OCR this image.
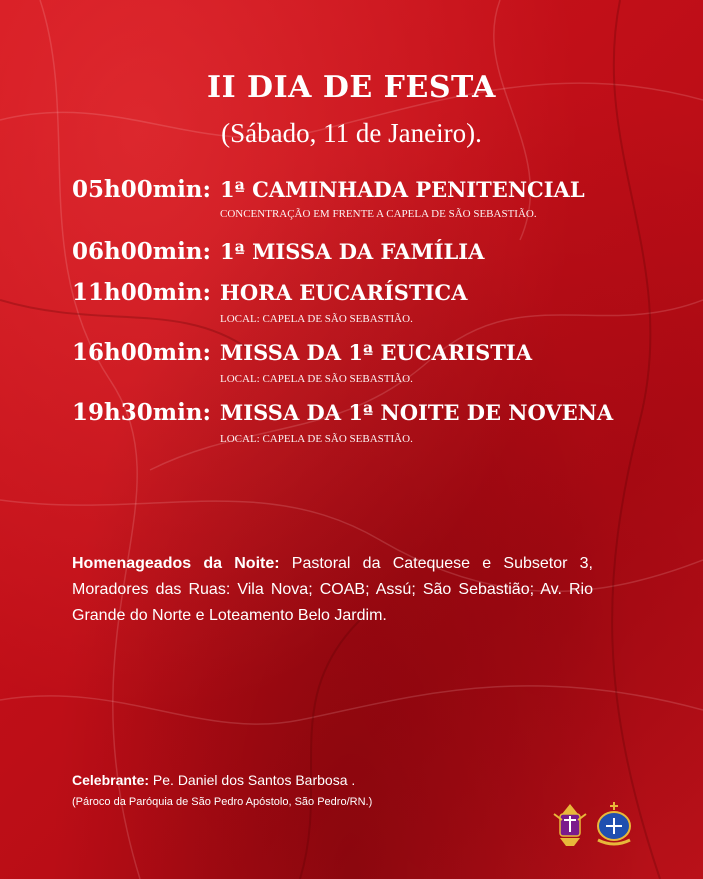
II DIA DE FESTA
(Sábado, 11 de Janeiro).
05h00min: 1ª CAMINHADA PENITENCIAL
CONCENTRAÇÃO EM FRENTE A CAPELA DE SÃO SEBASTIÃO.
06h00min: 1ª MISSA DA FAMÍLIA
11h00min: HORA EUCARÍSTICA
LOCAL: CAPELA DE SÃO SEBASTIÃO.
16h00min: MISSA DA 1ª EUCARISTIA
LOCAL: CAPELA DE SÃO SEBASTIÃO.
19h30min: MISSA DA 1ª NOITE DE NOVENA
LOCAL: CAPELA DE SÃO SEBASTIÃO.
Homenageados da Noite: Pastoral da Catequese e Subsetor 3, Moradores das Ruas: Vila Nova; COAB; Assú; São Sebastião; Av. Rio Grande do Norte e Loteamento Belo Jardim.
Celebrante: Pe. Daniel dos Santos Barbosa .
(Pároco da Paróquia de São Pedro Apóstolo, São Pedro/RN.)
